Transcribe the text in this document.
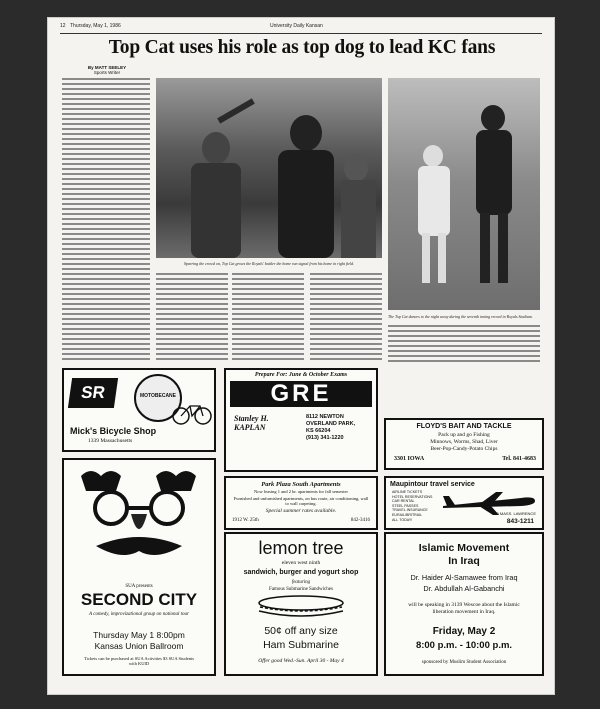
12 Thursday, May 1, 1986	University Daily Kansan
Top Cat uses his role as top dog to lead KC fans
By MATT SEELEY
Sports Writer
Sparring the crowd on, Top Cat grows the Royals' battler the home run signal from his home in right field.
The Top Cat dances to the night away during the seventh inning record in Royals Stadium.
SR	MOTOBECANE
Mick's Bicycle Shop
1339 Massachusetts
Prepare For: June & October Exams
GRE
Stanley H. KAPLAN
8112 NEWTON
OVERLAND PARK,
KS 66204
(913) 341-1220
FLOYD'S BAIT AND TACKLE
Pack up and go Fishing
Minnows, Worms, Shad, Liver
Beer-Pop-Candy-Potato Chips
3301 IOWA	Tel. 841-4683
SUA presents
SECOND CITY
A comedy, improvizational group on national tour
Thursday May 1 8:00pm
Kansas Union Ballroom
Tickets can be purchased at SUA Activities $3 SUA Students with KUID
Park Plaza South Apartments
Now leasing 1 and 2 br. apartments for fall semester
Furnished and unfurnished apartments, on bus route, air conditioning, wall to wall carpeting.
Special summer rates available.
1912 W. 25th	842-3416
Maupintour travel service
AIRLINE TICKETS
HOTEL RESERVATIONS
CAR RENTAL
STEEL PASSES
TRAVEL INSURANCE
EURAIL/BRITRAIL
ALL TODAY!
900 MASS. LAWRENCE
843-1211
lemon tree
eleven west ninth
sandwich, burger and yogurt shop
featuring
Famous Submarine Sandwiches
50¢ off any size
Ham Submarine
Offer good Wed.-Sun. April 30 - May 4
Islamic Movement
In Iraq
Dr. Haider Al-Samawee from Iraq
Dr. Abdullah Al-Gabanchi
will be speaking in 3139 Wescoe about the Islamic liberation movement in Iraq.
Friday, May 2
8:00 p.m. - 10:00 p.m.
sponsored by Muslim Student Association
